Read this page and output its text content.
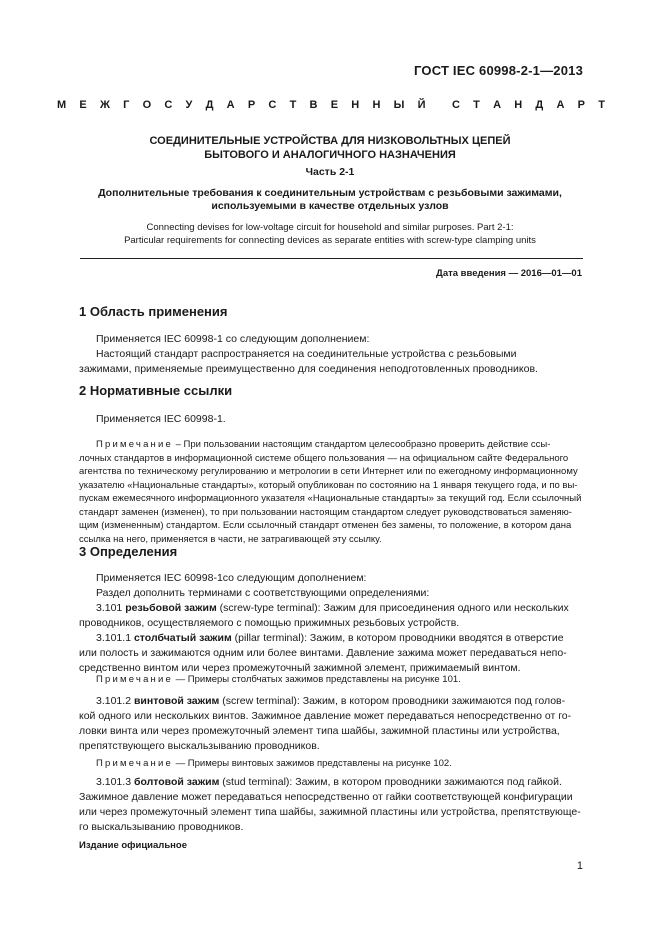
ГОСТ IEC 60998-2-1—2013
М Е Ж Г О С У Д А Р С Т В Е Н Н Ы Й С Т А Н Д А Р Т

СОЕДИНИТЕЛЬНЫЕ УСТРОЙСТВА ДЛЯ НИЗКОВОЛЬТНЫХ ЦЕПЕЙ

БЫТОВОГО И АНАЛОГИЧНОГО НАЗНАЧЕНИЯ

Часть 2-1

Дополнительные требования к соединительным устройствам с резьбовыми зажимами,

используемыми в качестве отдельных узлов

Connecting devises for low-voltage circuit for household and similar purposes. Part 2-1:

Particular requirements for connecting devices as separate entities with screw-type clamping units

Дата введения — 2016—01—01
1 Область применения

Применяется IEC 60998-1 со следующим дополнением:

Настоящий стандарт распространяется на соединительные устройства с резьбовыми

зажимами, применяемые преимущественно для соединения неподготовленных проводников.

2 Нормативные ссылки
Применяется IEC 60998-1.

Примечание – При пользовании настоящим стандартом целесообразно проверить действие ссы-

лочных стандартов в информационной системе общего пользования — на официальном сайте Федерального

агентства по техническому регулированию и метрологии в сети Интернет или по ежегодному информационному

указателю «Национальные стандарты», который опубликован по состоянию на 1 января текущего года, и по вы-

пускам ежемесячного информационного указателя «Национальные стандарты» за текущий год. Если ссылочный

стандарт заменен (изменен), то при пользовании настоящим стандартом следует руководствоваться заменяю-

щим (измененным) стандартом. Если ссылочный стандарт отменен без замены, то положение, в котором дана

ссылка на него, применяется в части, не затрагивающей эту ссылку.

3 Определения

Применяется IEC 60998-1со следующим дополнением:

Раздел дополнить терминами с соответствующими определениями:

3.101 резьбовой зажим (screw-type terminal): Зажим для присоединения одного или нескольких

проводников, осуществляемого с помощью прижимных резьбовых устройств.

3.101.1 столбчатый зажим (pillar terminal): Зажим, в котором проводники вводятся в отверстие

или полость и зажимаются одним или более винтами. Давление зажима может передаваться непо-

средственно винтом или через промежуточный зажимной элемент, прижимаемый винтом.

Примечание — Примеры столбчатых зажимов представлены на рисунке 101.

3.101.2 винтовой зажим (screw terminal): Зажим, в котором проводники зажимаются под голов-

кой одного или нескольких винтов. Зажимное давление может передаваться непосредственно от го-

ловки винта или через промежуточный элемент типа шайбы, зажимной пластины или устройства,

препятствующего выскальзыванию проводников.

Примечание — Примеры винтовых зажимов представлены на рисунке 102.

3.101.3 болтовой зажим (stud terminal): Зажим, в котором проводники зажимаются под гайкой.

Зажимное давление может передаваться непосредственно от гайки соответствующей конфигурации

или через промежуточный элемент типа шайбы, зажимной пластины или устройства, препятствующе-

го выскальзыванию проводников.

Издание официальное
1
